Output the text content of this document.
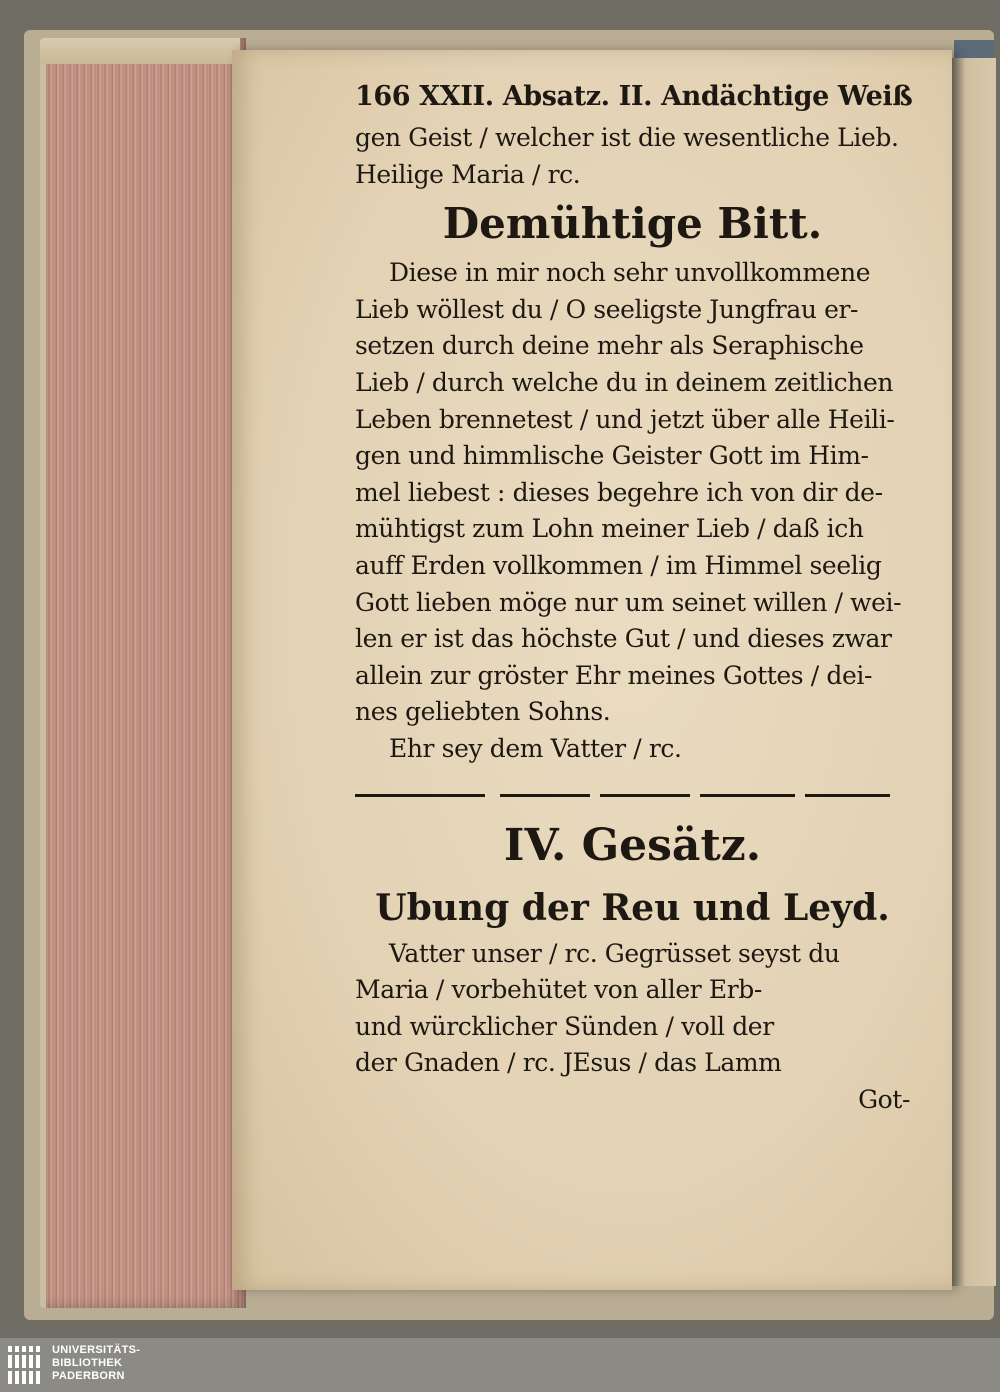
166 XXII. Absatz. II. Andächtige Weiß
gen Geist / welcher ist die wesentliche Lieb.
Heilige Maria / rc.
Demühtige Bitt.
Diese in mir noch sehr unvollkommene
Lieb wöllest du / O seeligste Jungfrau er-
setzen durch deine mehr als Seraphische
Lieb / durch welche du in deinem zeitlichen
Leben brennetest / und jetzt über alle Heili-
gen und himmlische Geister Gott im Him-
mel liebest : dieses begehre ich von dir de-
mühtigst zum Lohn meiner Lieb / daß ich
auff Erden vollkommen / im Himmel seelig
Gott lieben möge nur um seinet willen / wei-
len er ist das höchste Gut / und dieses zwar
allein zur gröster Ehr meines Gottes / dei-
nes geliebten Sohns.
Ehr sey dem Vatter / rc.
IV. Gesätz.
Ubung der Reu und Leyd.
Vatter unser / rc. Gegrüsset seyst du
Maria / vorbehütet von aller Erb-
und würcklicher Sünden / voll der
der Gnaden / rc. JEsus / das Lamm
Got-
UNIVERSITÄTS-
BIBLIOTHEK
PADERBORN
